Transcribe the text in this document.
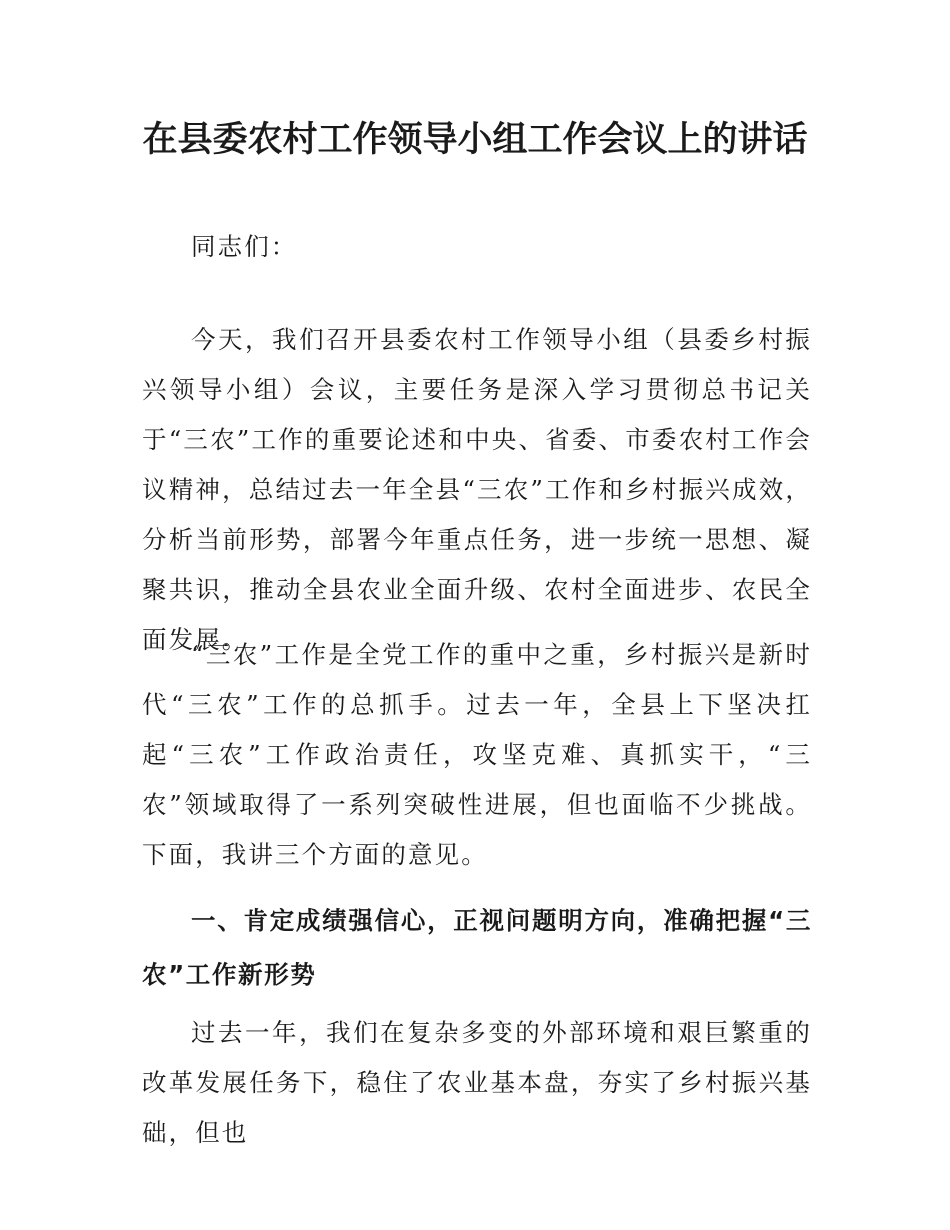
在县委农村工作领导小组工作会议上的讲话

同志们：

今天，我们召开县委农村工作领导小组（县委乡村振兴领导小组）会议，主要任务是深入学习贯彻总书记关于“三农”工作的重要论述和中央、省委、市委农村工作会议精神，总结过去一年全县“三农”工作和乡村振兴成效，分析当前形势，部署今年重点任务，进一步统一思想、凝聚共识，推动全县农业全面升级、农村全面进步、农民全面发展。

“三农”工作是全党工作的重中之重，乡村振兴是新时代“三农”工作的总抓手。过去一年，全县上下坚决扛起“三农”工作政治责任，攻坚克难、真抓实干，“三农”领域取得了一系列突破性进展，但也面临不少挑战。下面，我讲三个方面的意见。

一、肯定成绩强信心，正视问题明方向，准确把握“三农”工作新形势

过去一年，我们在复杂多变的外部环境和艰巨繁重的改革发展任务下，稳住了农业基本盘，夯实了乡村振兴基础，但也
